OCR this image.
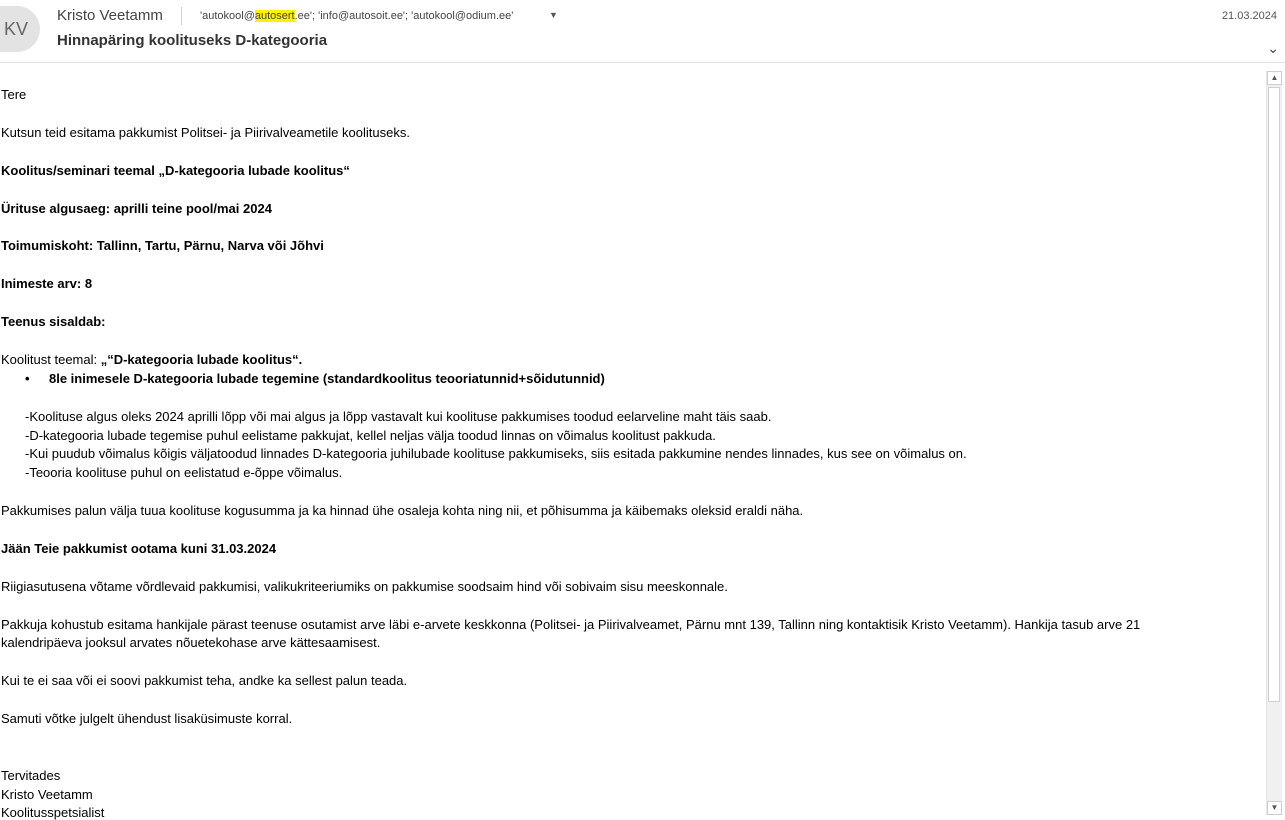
KV
Kristo Veetamm	'autokool@autosert.ee'; 'info@autosoit.ee'; 'autokool@odium.ee'	▼	21.03.2024
Hinnapäring koolituseks D-kategooria	⌄

Tere

Kutsun teid esitama pakkumist Politsei- ja Piirivalveametile koolituseks.

Koolitus/seminari teemal „D-kategooria lubade koolitus“

Ürituse algusaeg: aprilli teine pool/mai 2024

Toimumiskoht: Tallinn, Tartu, Pärnu, Narva või Jõhvi

Inimeste arv: 8

Teenus sisaldab:

Koolitust teemal: „“D-kategooria lubade koolitus“.

• 8le inimesele D-kategooria lubade tegemine (standardkoolitus teooriatunnid+sõidutunnid)

-Koolituse algus oleks 2024 aprilli lõpp või mai algus ja lõpp vastavalt kui koolituse pakkumises toodud eelarveline maht täis saab.

-D-kategooria lubade tegemise puhul eelistame pakkujat, kellel neljas välja toodud linnas on võimalus koolitust pakkuda.

-Kui puudub võimalus kõigis väljatoodud linnades D-kategooria juhilubade koolituse pakkumiseks, siis esitada pakkumine nendes linnades, kus see on võimalus on.

-Teooria koolituse puhul on eelistatud e-õppe võimalus.

Pakkumises palun välja tuua koolituse kogusumma ja ka hinnad ühe osaleja kohta ning nii, et põhisumma ja käibemaks oleksid eraldi näha.

Jään Teie pakkumist ootama kuni 31.03.2024

Riigiasutusena võtame võrdlevaid pakkumisi, valikukriteeriumiks on pakkumise soodsaim hind või sobivaim sisu meeskonnale.

Pakkuja kohustub esitama hankijale pärast teenuse osutamist arve läbi e-arvete keskkonna (Politsei- ja Piirivalveamet, Pärnu mnt 139, Tallinn ning kontaktisik Kristo Veetamm). Hankija tasub arve 21

kalendripäeva jooksul arvates nõuetekohase arve kättesaamisest.

Kui te ei saa või ei soovi pakkumist teha, andke ka sellest palun teada.

Samuti võtke julgelt ühendust lisaküsimuste korral.

Tervitades

Kristo Veetamm

Koolitusspetsialist

▲
▼
